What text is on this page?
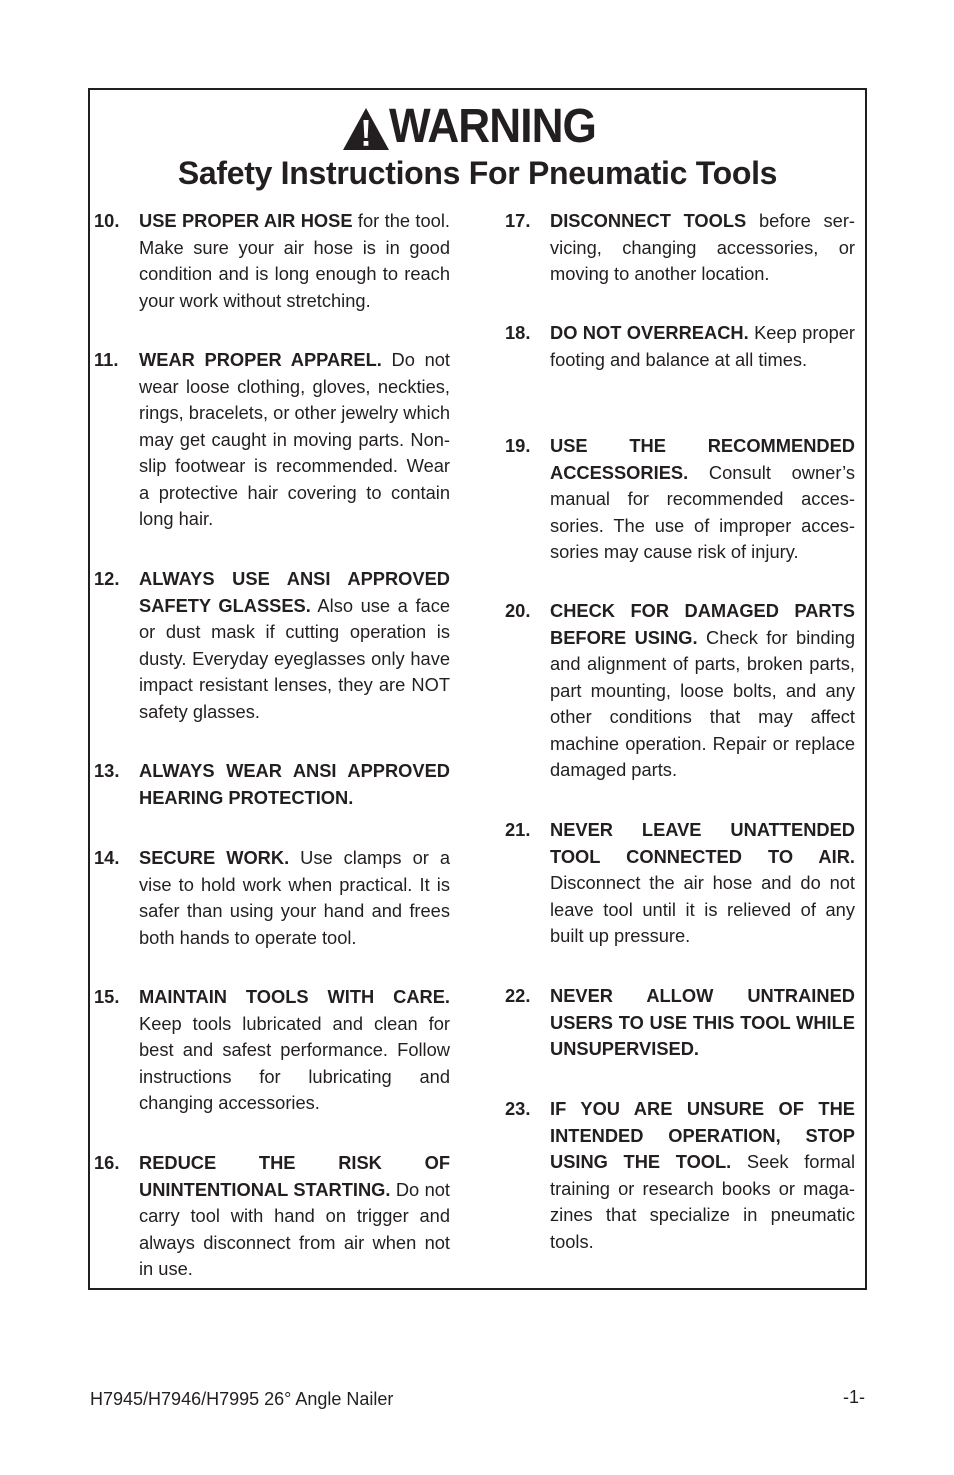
WARNING
Safety Instructions For Pneumatic Tools
10.	USE PROPER AIR HOSE for the tool. Make sure your air hose is in good condition and is long enough to reach your work without stretching.
11.	WEAR PROPER APPAREL. Do not wear loose clothing, gloves, neckties, rings, bracelets, or other jewelry which may get caught in moving parts. Non-slip footwear is recommended. Wear a protective hair covering to contain long hair.
12.	ALWAYS USE ANSI APPROVED SAFETY GLASSES. Also use a face or dust mask if cutting operation is dusty. Everyday eyeglasses only have impact resistant lenses, they are NOT safety glasses.
13.	ALWAYS WEAR ANSI APPROVED HEARING PROTECTION.
14.	SECURE WORK. Use clamps or a vise to hold work when practical. It is safer than using your hand and frees both hands to operate tool.
15.	MAINTAIN TOOLS WITH CARE. Keep tools lubricated and clean for best and safest performance. Follow instructions for lubricating and changing accessories.
16.	REDUCE THE RISK OF UNINTENTIONAL STARTING. Do not carry tool with hand on trigger and always disconnect from air when not in use.
17.	DISCONNECT TOOLS before servicing, changing accessories, or moving to another location.
18.	DO NOT OVERREACH. Keep proper footing and balance at all times.
19.	USE THE RECOMMENDED ACCESSORIES. Consult owner’s manual for recommended accessories. The use of improper accessories may cause risk of injury.
20.	CHECK FOR DAMAGED PARTS BEFORE USING. Check for binding and alignment of parts, broken parts, part mounting, loose bolts, and any other conditions that may affect machine operation. Repair or replace damaged parts.
21.	NEVER LEAVE UNATTENDED TOOL CONNECTED TO AIR. Disconnect the air hose and do not leave tool until it is relieved of any built up pressure.
22.	NEVER ALLOW UNTRAINED USERS TO USE THIS TOOL WHILE UNSUPERVISED.
23.	IF YOU ARE UNSURE OF THE INTENDED OPERATION, STOP USING THE TOOL. Seek formal training or research books or magazines that specialize in pneumatic tools.
H7945/H7946/H7995 26° Angle Nailer	-1-
